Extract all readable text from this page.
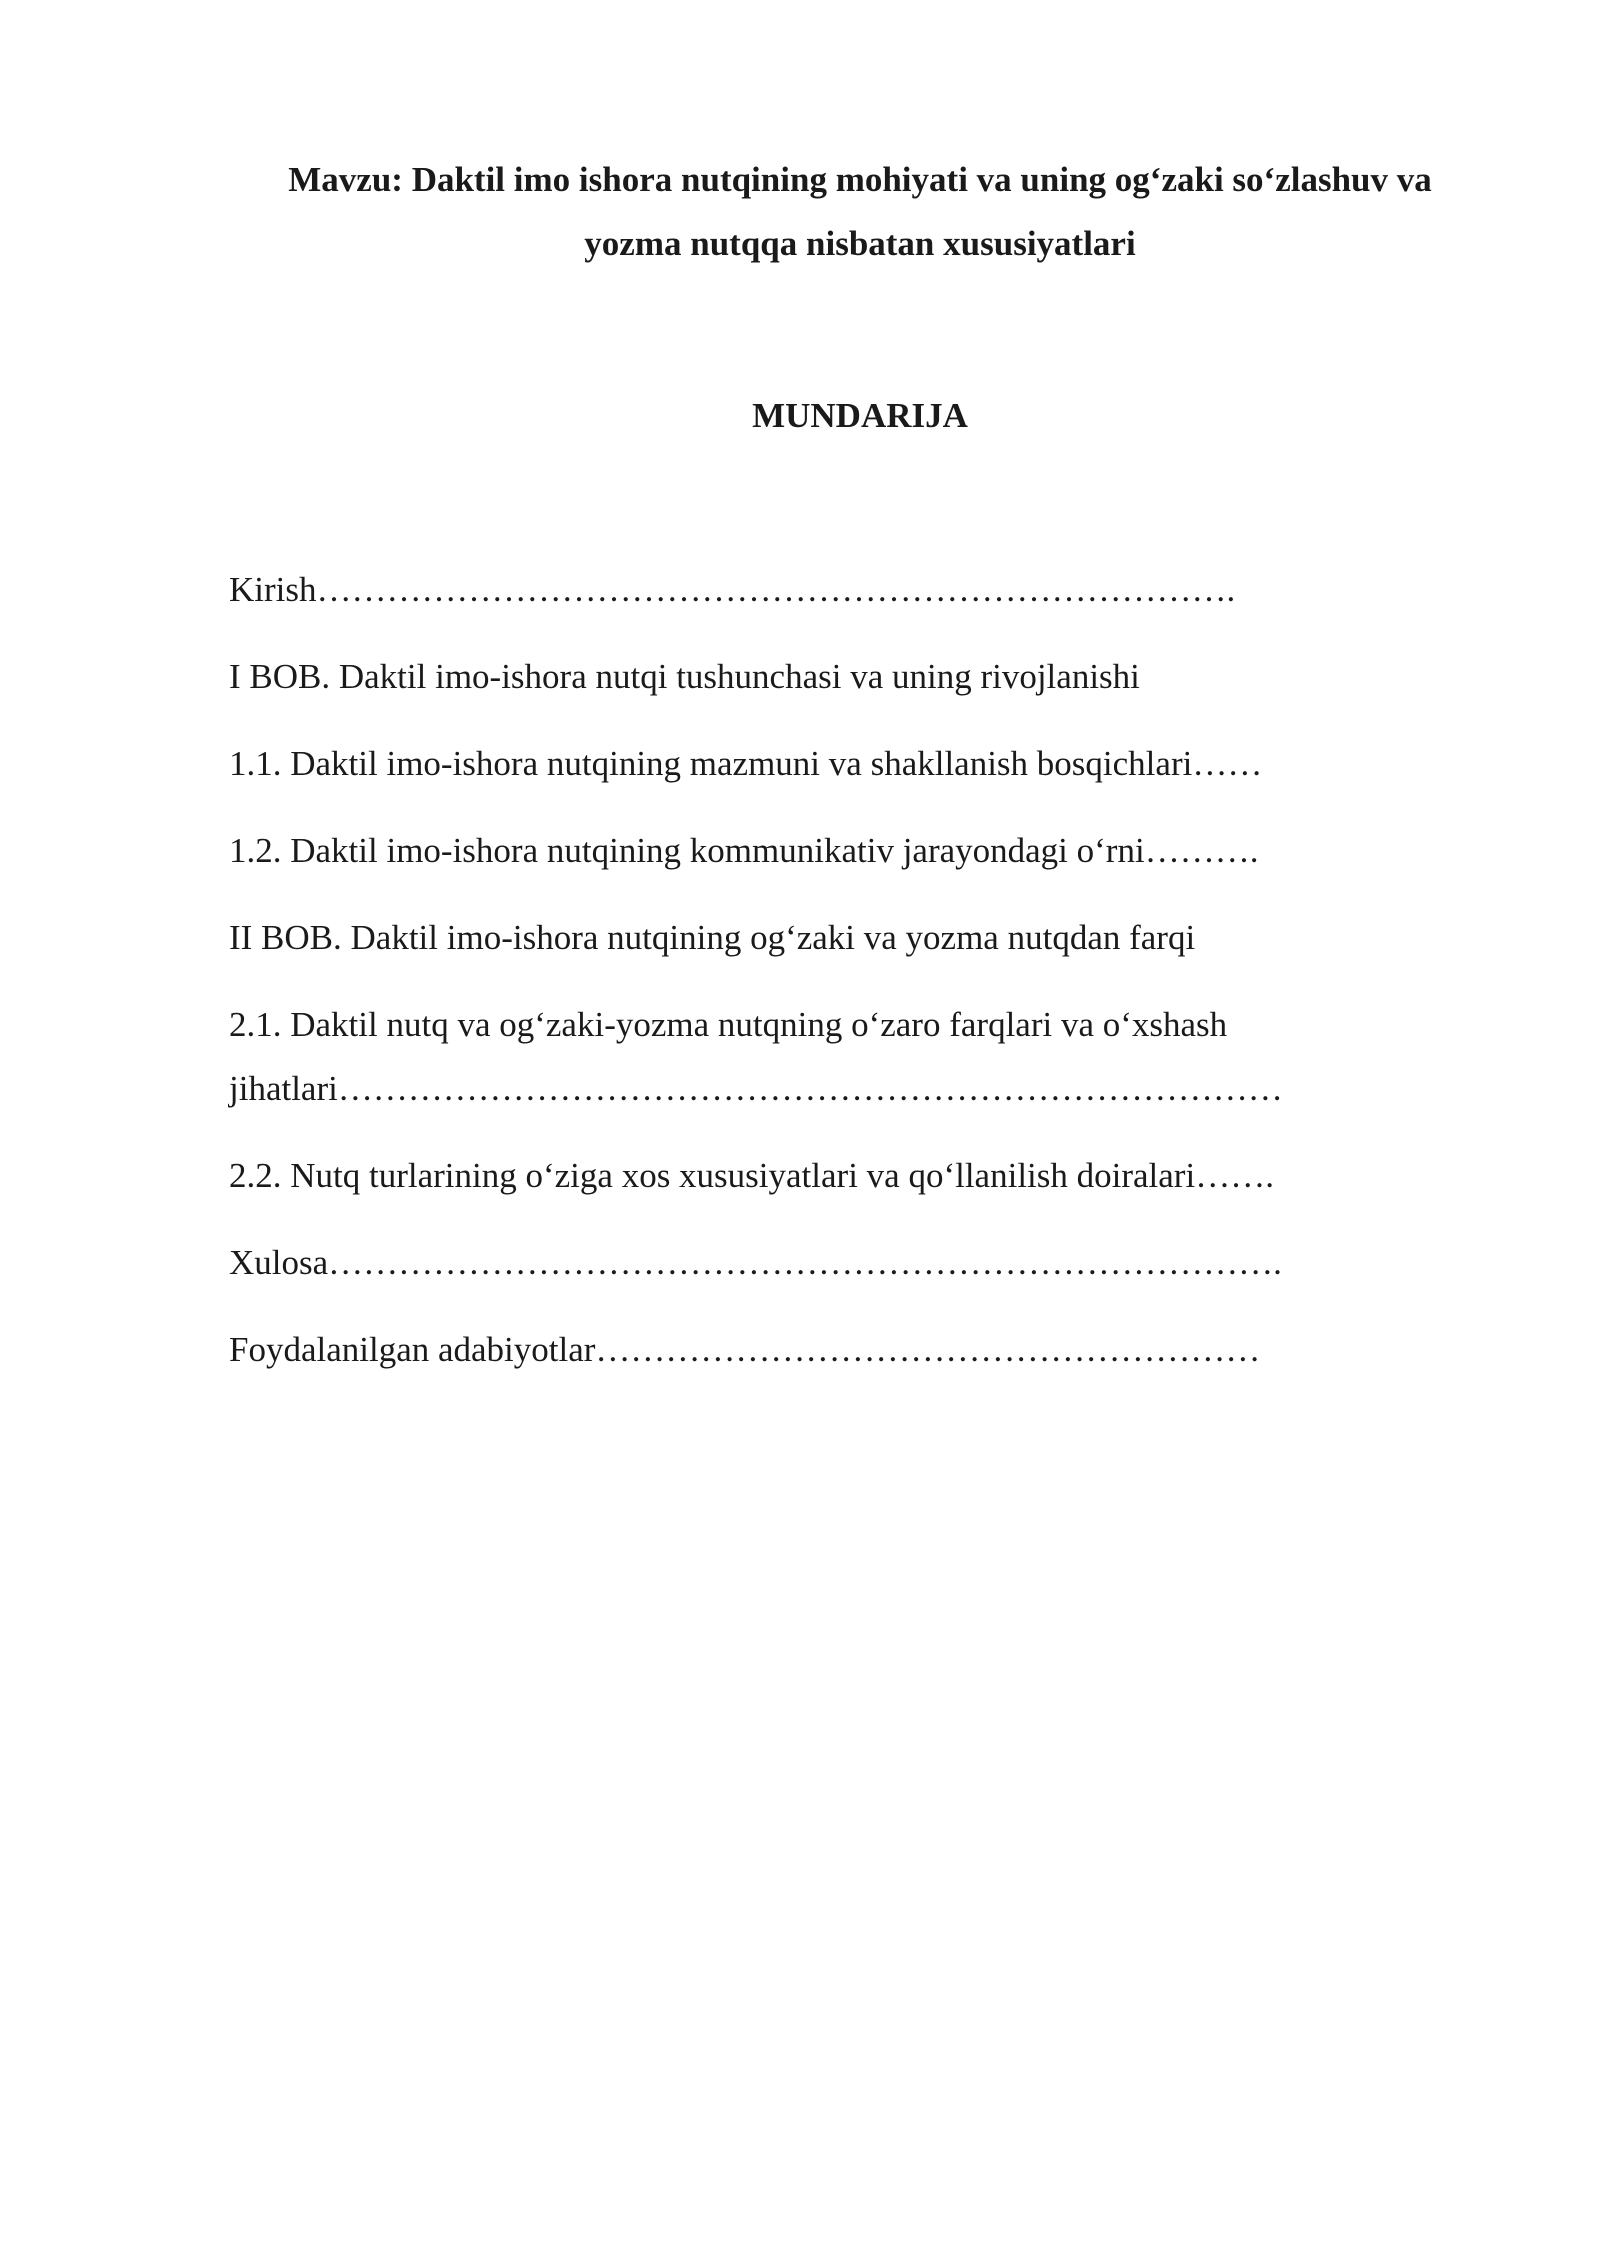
Mavzu: Daktil imo ishora nutqining mohiyati va uning og‘zaki so‘zlashuv va
yozma nutqqa nisbatan xususiyatlari
MUNDARIJA
Kirish…………………………………………………………………….
I BOB. Daktil imo-ishora nutqi tushunchasi va uning rivojlanishi
1.1. Daktil imo-ishora nutqining mazmuni va shakllanish bosqichlari……
1.2. Daktil imo-ishora nutqining kommunikativ jarayondagi o‘rni……….
II BOB. Daktil imo-ishora nutqining og‘zaki va yozma nutqdan farqi
2.1. Daktil nutq va og‘zaki-yozma nutqning o‘zaro farqlari va o‘xshash
jihatlari………………………………………………………………………
2.2. Nutq turlarining o‘ziga xos xususiyatlari va qo‘llanilish doiralari…….
Xulosa……………………………………………………………………….
Foydalanilgan adabiyotlar…………………………………………………
